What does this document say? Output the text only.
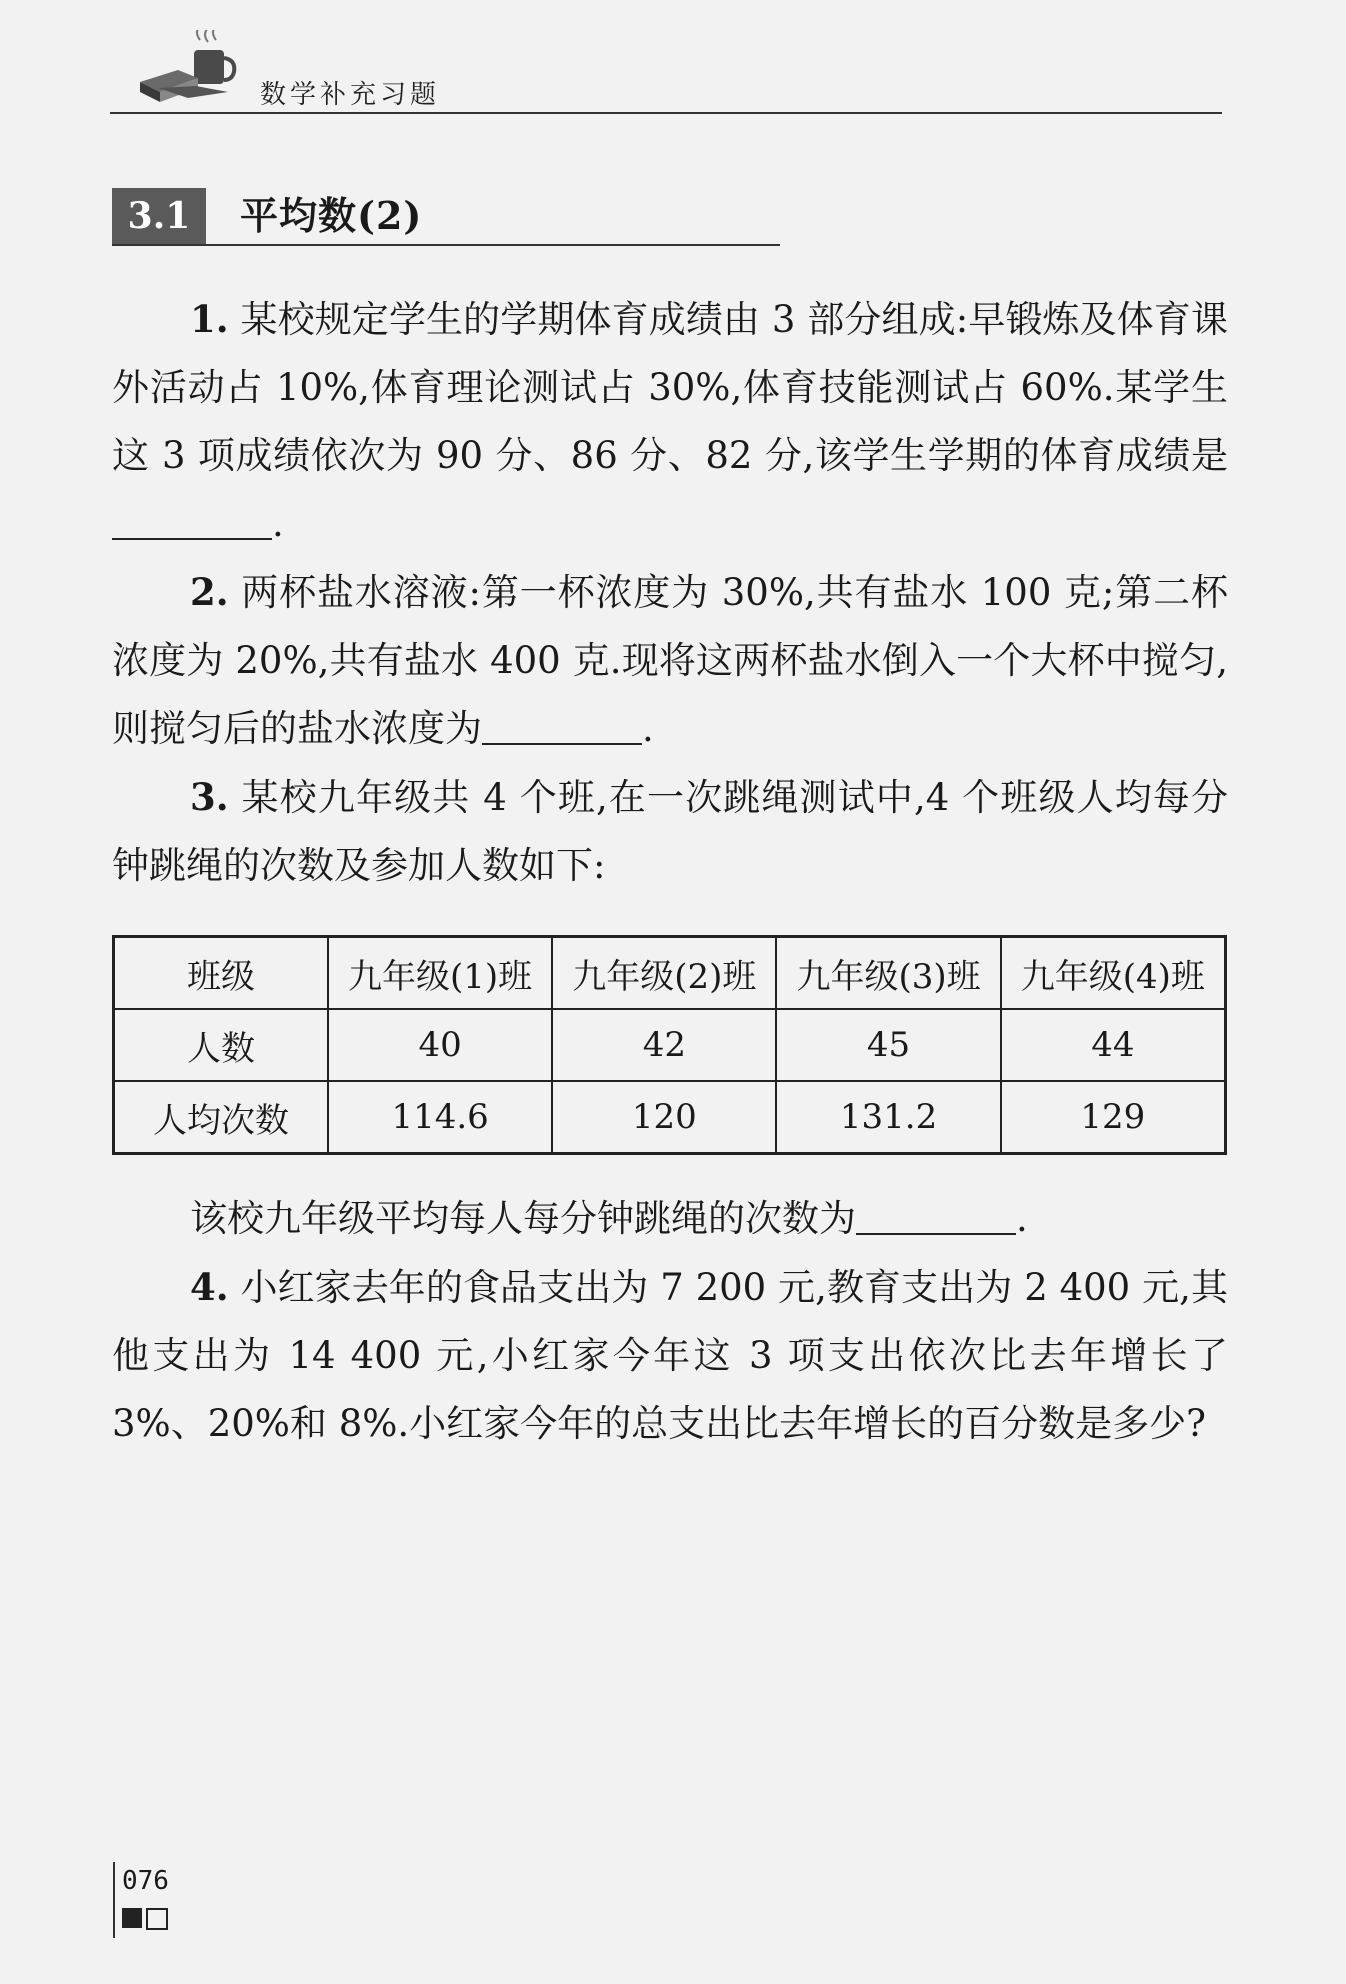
数学补充习题
3.1	平均数(2)

1. 某校规定学生的学期体育成绩由 3 部分组成:早锻炼及体育课外活动占 10%,体育理论测试占 30%,体育技能测试占 60%.某学生这 3 项成绩依次为 90 分、86 分、82 分,该学生学期的体育成绩是.

2. 两杯盐水溶液:第一杯浓度为 30%,共有盐水 100 克;第二杯浓度为 20%,共有盐水 400 克.现将这两杯盐水倒入一个大杯中搅匀,则搅匀后的盐水浓度为	.

3. 某校九年级共 4 个班,在一次跳绳测试中,4 个班级人均每分钟跳绳的次数及参加人数如下:

班级	九年级(1)班	九年级(2)班	九年级(3)班	九年级(4)班
人数	40	42	45	44
人均次数	114.6	120	131.2	129

该校九年级平均每人每分钟跳绳的次数为	.

4. 小红家去年的食品支出为 7 200 元,教育支出为 2 400 元,其他支出为 14 400 元,小红家今年这 3 项支出依次比去年增长了 3%、20%和 8%.小红家今年的总支出比去年增长的百分数是多少?

076
